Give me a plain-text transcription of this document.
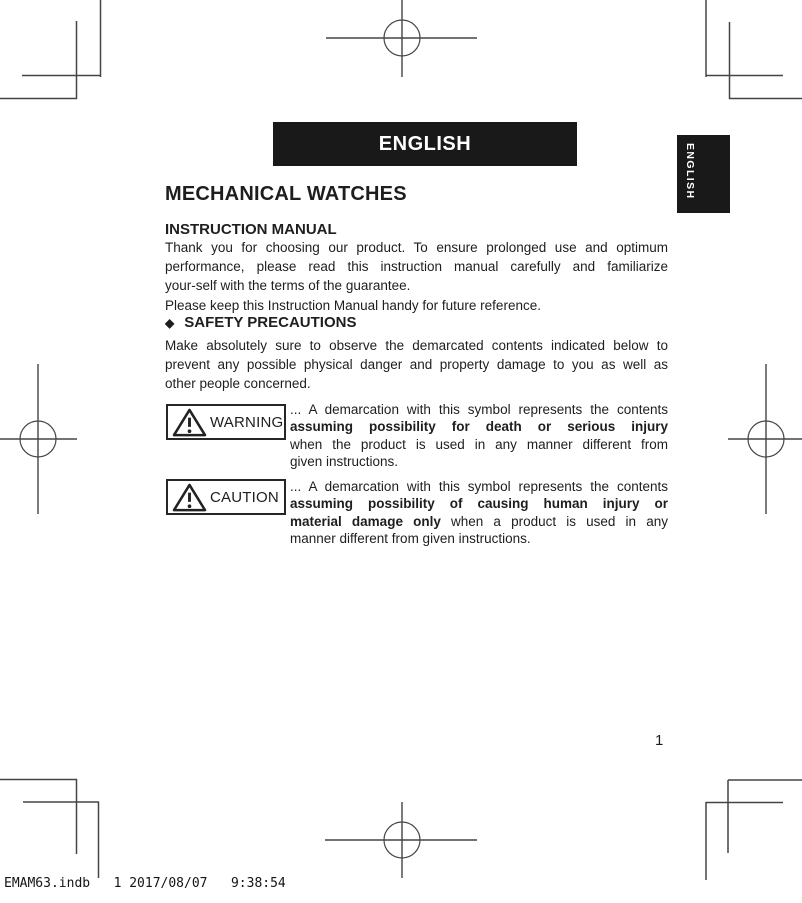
ENGLISH	ENGLISH
MECHANICAL WATCHES
INSTRUCTION MANUAL
Thank you for choosing our product. To ensure prolonged use and optimum
performance, please read this instruction manual carefully and familiarize
your-self with the terms of the guarantee.
Please keep this Instruction Manual handy for future reference.
◆ SAFETY PRECAUTIONS
Make absolutely sure to observe the demarcated contents indicated below to
prevent any possible physical danger and property damage to you as well as
other people concerned.
WARNING
... A demarcation with this symbol represents the contents
assuming possibility for death or serious injury
when the product is used in any manner different from
given instructions.
CAUTION
... A demarcation with this symbol represents the contents
assuming possibility of causing human injury or
material damage only when a product is used in any
manner different from given instructions.
1
EMAM63.indb   1 2017/08/07   9:38:54
